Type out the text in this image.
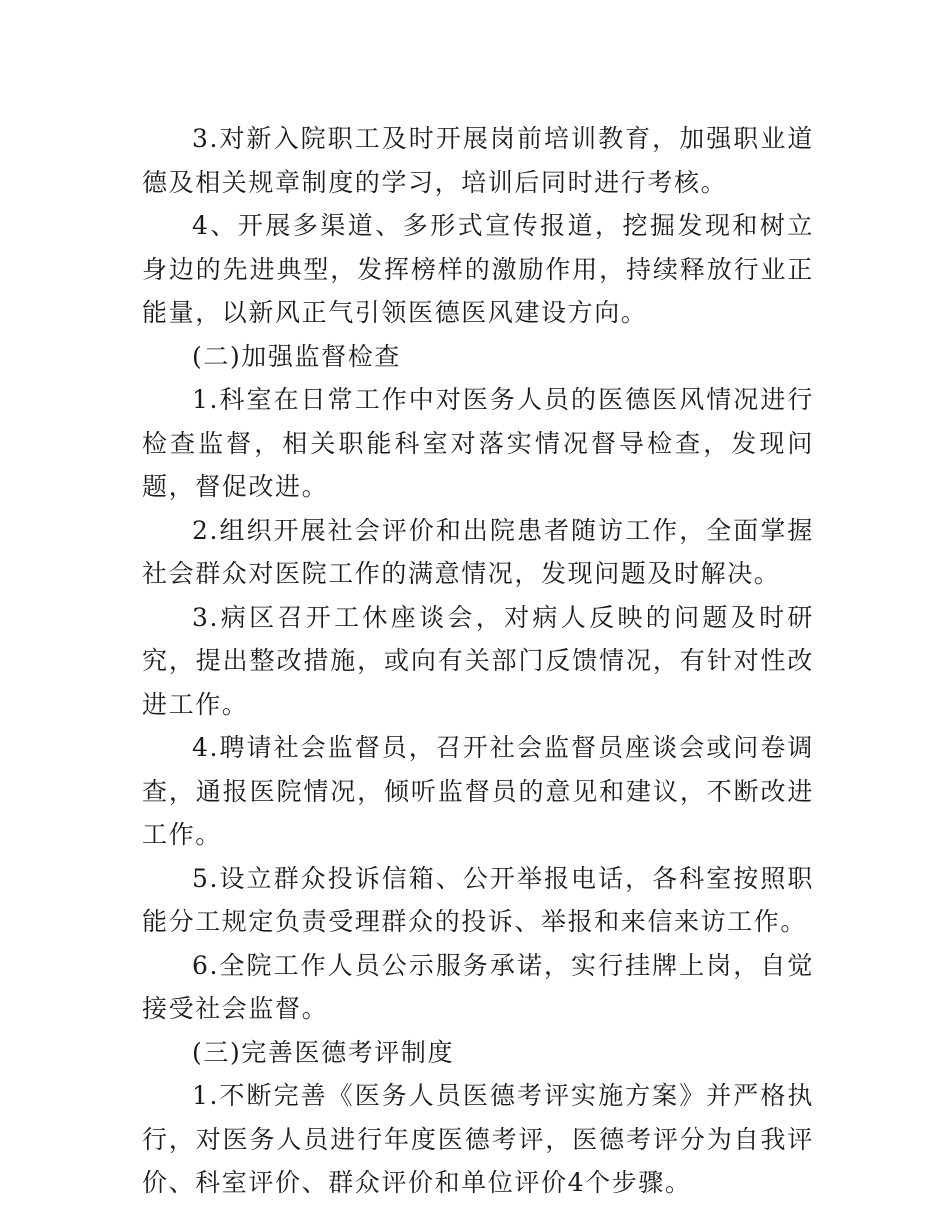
3.对新入院职工及时开展岗前培训教育，加强职业道德及相关规章制度的学习，培训后同时进行考核。

4、开展多渠道、多形式宣传报道，挖掘发现和树立身边的先进典型，发挥榜样的激励作用，持续释放行业正能量，以新风正气引领医德医风建设方向。

(二)加强监督检查

1.科室在日常工作中对医务人员的医德医风情况进行检查监督，相关职能科室对落实情况督导检查，发现问题，督促改进。

2.组织开展社会评价和出院患者随访工作，全面掌握社会群众对医院工作的满意情况，发现问题及时解决。

3.病区召开工休座谈会，对病人反映的问题及时研究，提出整改措施，或向有关部门反馈情况，有针对性改进工作。

4.聘请社会监督员，召开社会监督员座谈会或问卷调查，通报医院情况，倾听监督员的意见和建议，不断改进工作。

5.设立群众投诉信箱、公开举报电话，各科室按照职能分工规定负责受理群众的投诉、举报和来信来访工作。

6.全院工作人员公示服务承诺，实行挂牌上岗，自觉接受社会监督。

(三)完善医德考评制度

1.不断完善《医务人员医德考评实施方案》并严格执行，对医务人员进行年度医德考评，医德考评分为自我评价、科室评价、群众评价和单位评价4个步骤。
